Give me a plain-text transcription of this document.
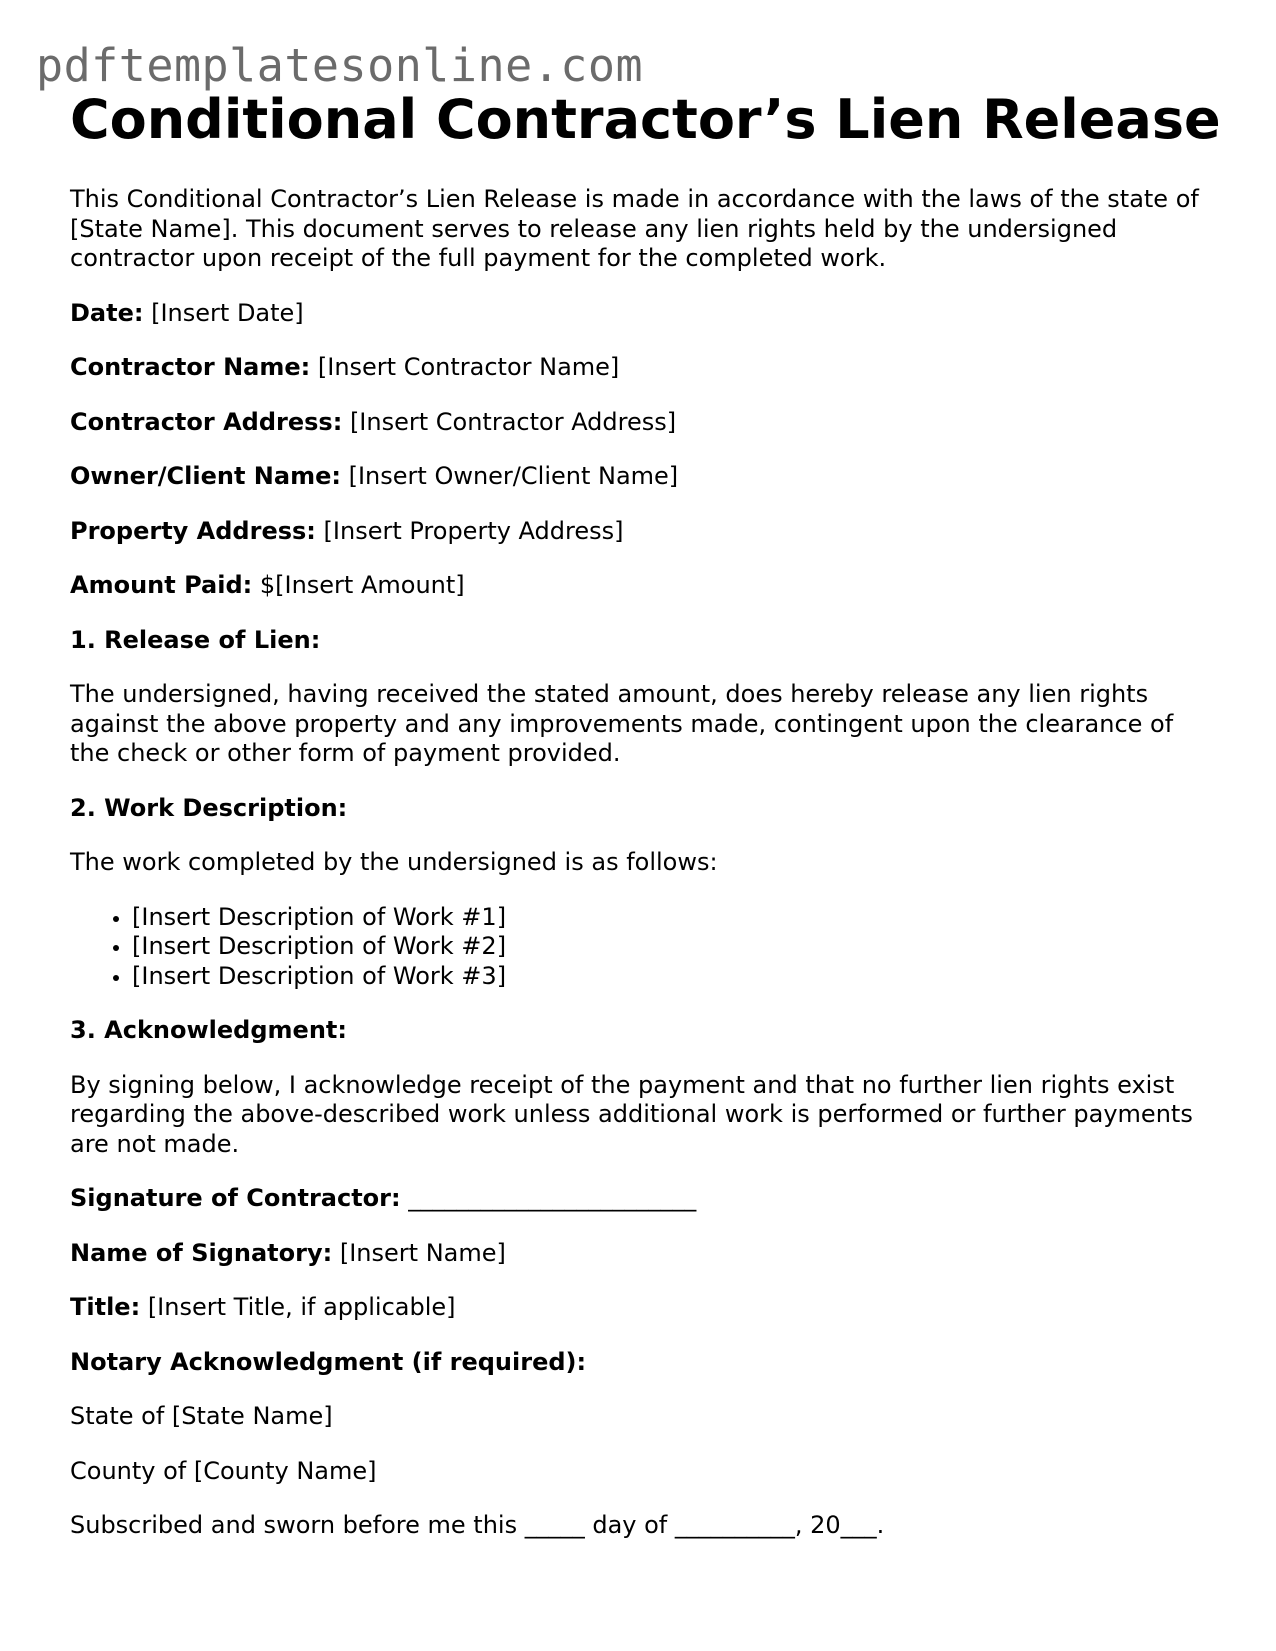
pdftemplatesonline.com
Conditional Contractor’s Lien Release

This Conditional Contractor’s Lien Release is made in accordance with the laws of the state of [State Name]. This document serves to release any lien rights held by the undersigned contractor upon receipt of the full payment for the completed work.

Date: [Insert Date]

Contractor Name: [Insert Contractor Name]

Contractor Address: [Insert Contractor Address]

Owner/Client Name: [Insert Owner/Client Name]

Property Address: [Insert Property Address]

Amount Paid: $[Insert Amount]

1. Release of Lien:

The undersigned, having received the stated amount, does hereby release any lien rights against the above property and any improvements made, contingent upon the clearance of the check or other form of payment provided.

2. Work Description:

The work completed by the undersigned is as follows:

• [Insert Description of Work #1]
• [Insert Description of Work #2]
• [Insert Description of Work #3]

3. Acknowledgment:

By signing below, I acknowledge receipt of the payment and that no further lien rights exist regarding the above-described work unless additional work is performed or further payments are not made.

Signature of Contractor: ________________________

Name of Signatory: [Insert Name]

Title: [Insert Title, if applicable]

Notary Acknowledgment (if required):

State of [State Name]

County of [County Name]

Subscribed and sworn before me this _____ day of __________, 20___.
